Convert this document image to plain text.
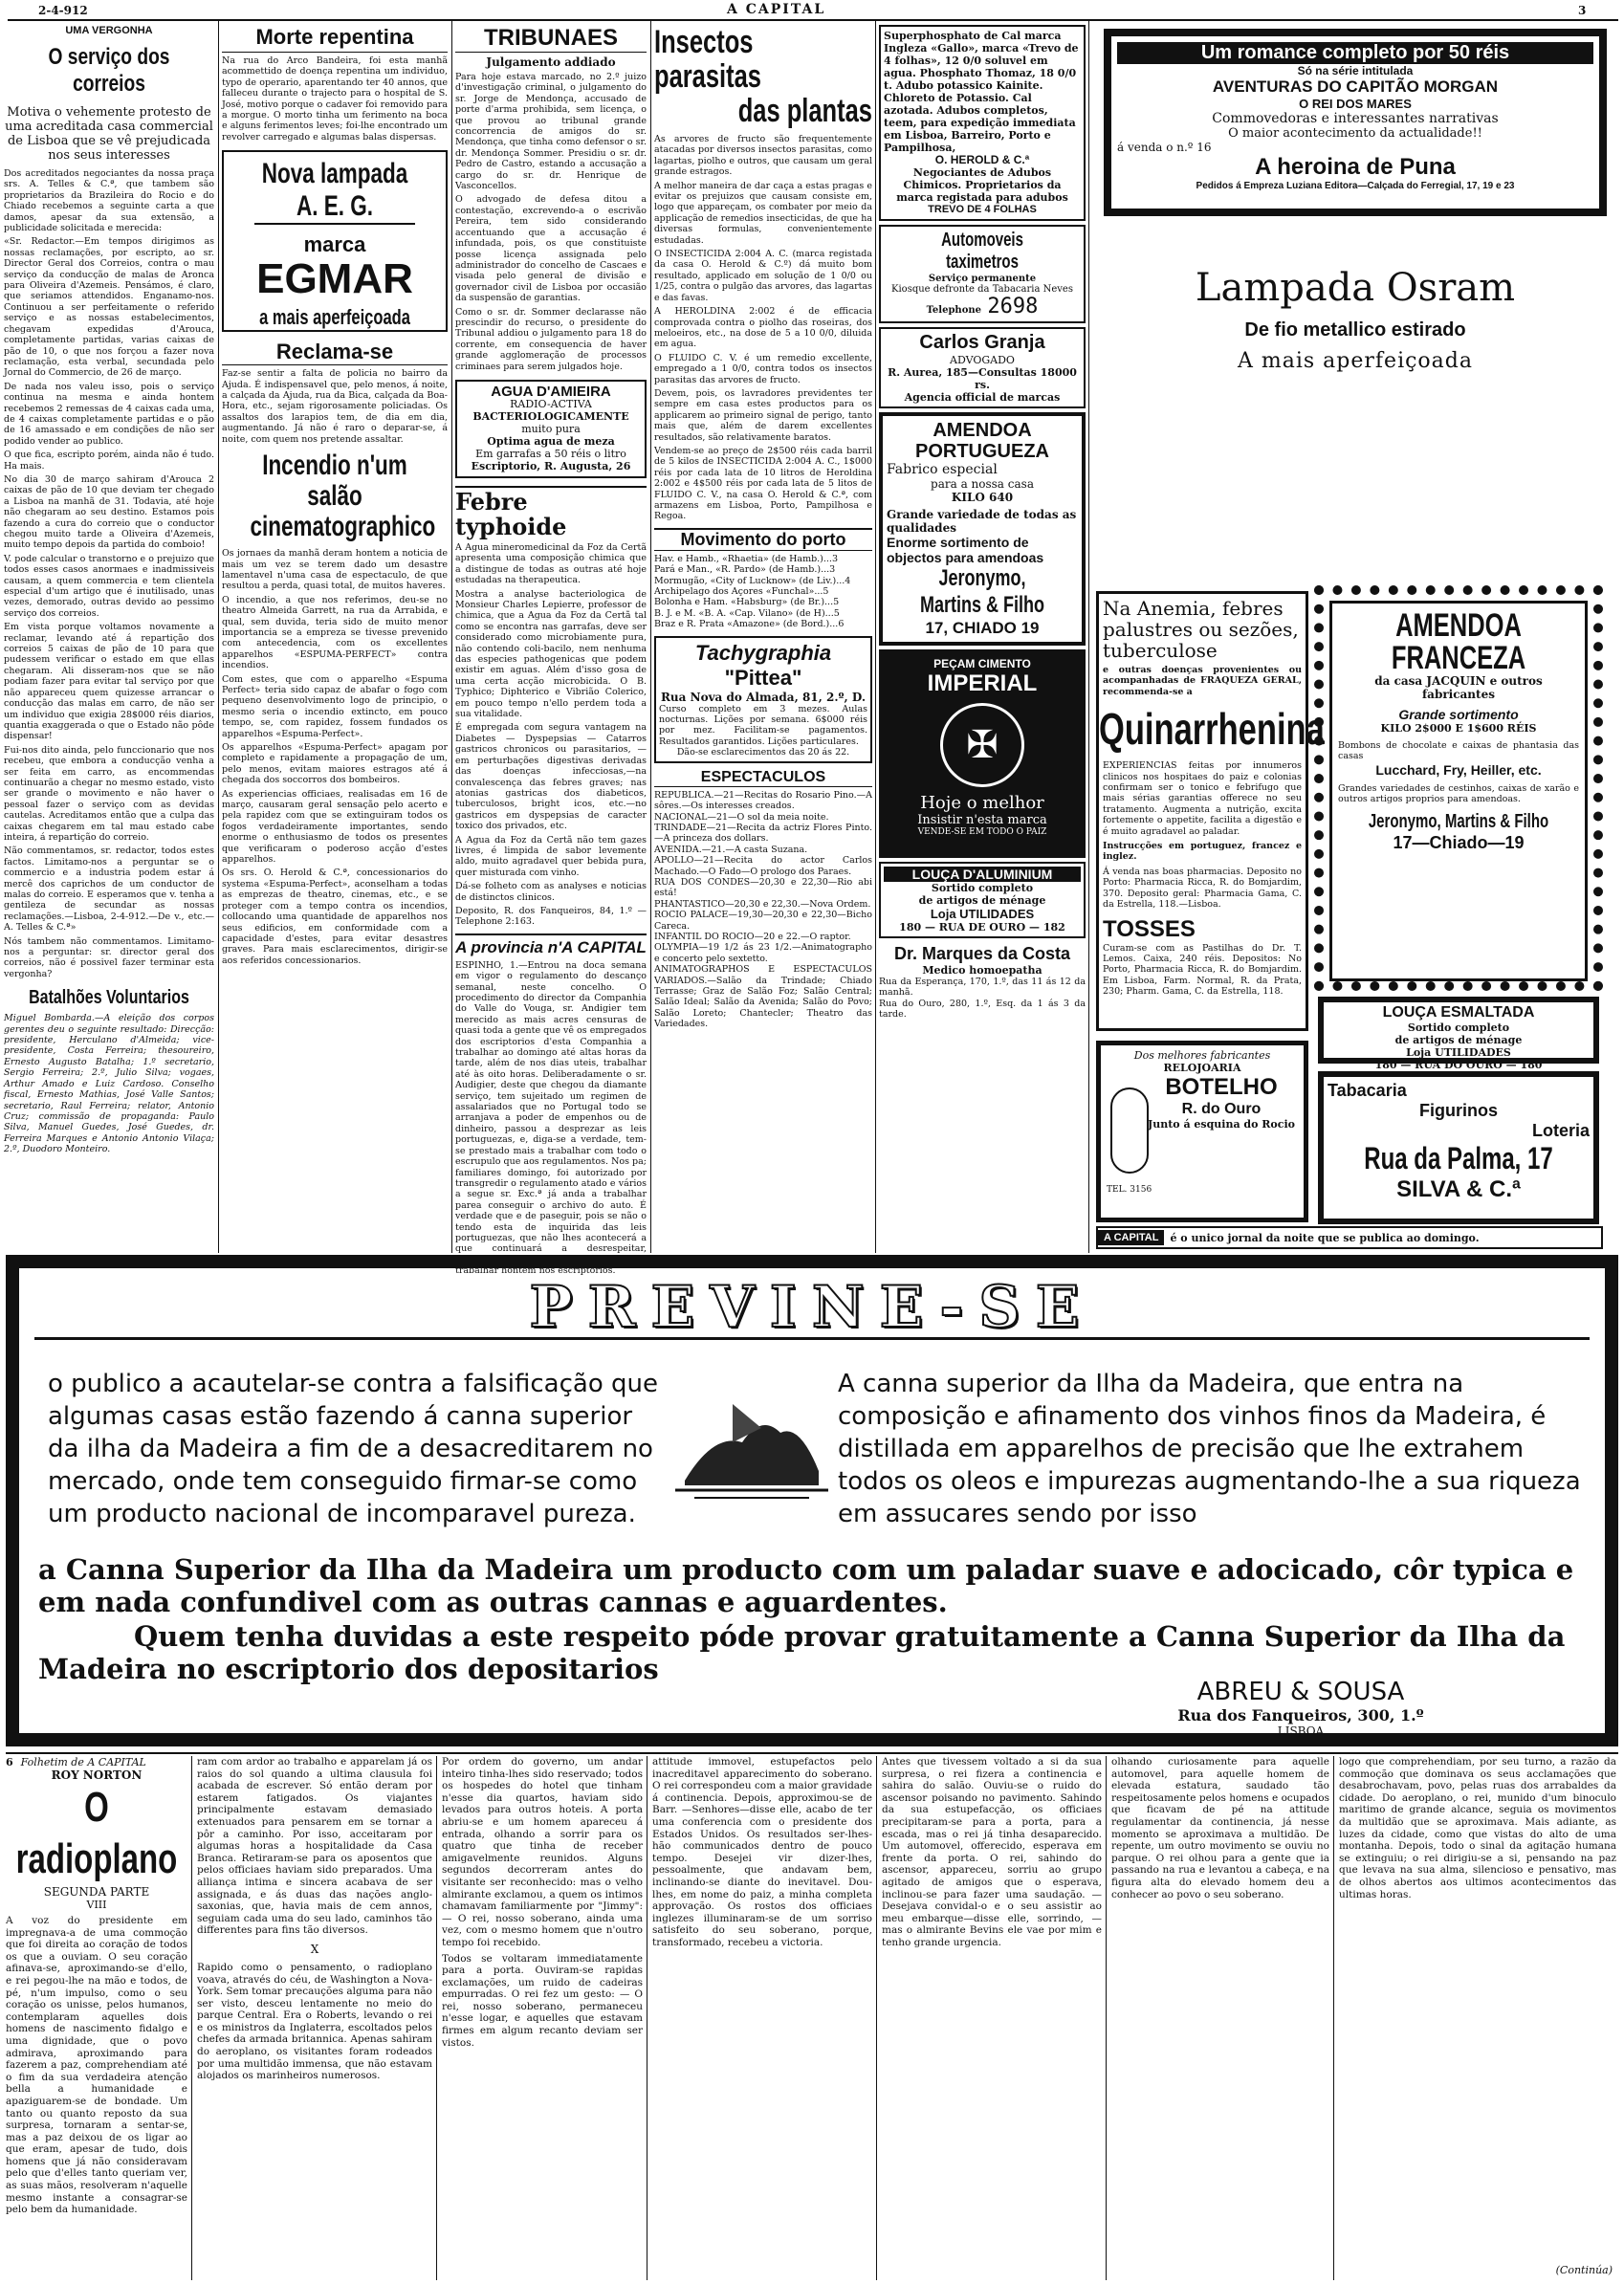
2-4-912	A CAPITAL	3
UMA VERGONHA
O serviço dos correios
Motiva o vehemente protesto de uma acreditada casa commercial de Lisboa que se vê prejudicada nos seus interesses
Dos acreditados negociantes da nossa praça srs. A. Telles & C.ª, que tambem são proprietarios da Brazileira do Rocio e do Chiado recebemos a seguinte carta a que damos, apesar da sua extensão, a publicidade solicitada e merecida:
«Sr. Redactor.—Em tempos dirigimos as nossas reclamações, por escripto, ao sr. Director Geral dos Correios, contra o mau serviço da conducção de malas de Aronca para Oliveira d'Azemeis. Pensámos, é claro, que seriamos attendidos. Enganamo-nos. Continuou a ser perfeitamente o referido serviço e as nossas estabelecimentos, chegavam expedidas d'Arouca, completamente partidas, varias caixas de pão de 10, o que nos forçou a fazer nova reclamação, esta verbal, secundada pelo Jornal do Commercio, de 26 de março.
De nada nos valeu isso, pois o serviço continua na mesma e ainda hontem recebemos 2 remessas de 4 caixas cada uma, de 4 caixas completamente partidas e o pão de 16 amassado e em condições de não ser podido vender ao publico.
O que fica, escripto porém, ainda não é tudo. Ha mais.
No dia 30 de março sahiram d'Arouca 2 caixas de pão de 10 que deviam ter chegado a Lisboa na manhã de 31. Todavia, até hoje não chegaram ao seu destino. Estamos pois fazendo a cura do correio que o conductor chegou muito tarde a Oliveira d'Azemeis, muito tempo depois da partida do comboio!
V. pode calcular o transtorno e o prejuizo que todos esses casos anormaes e inadmissiveis causam, a quem commercia e tem clientela especial d'um artigo que é inutilisado, unas vezes, demorado, outras devido ao pessimo serviço dos correios.
Em vista porque voltamos novamente a reclamar, levando até á repartição dos correios 5 caixas de pão de 10 para que pudessem verificar o estado em que ellas chegaram. Ali disseram-nos que se não podiam fazer para evitar tal serviço por que não appareceu quem quizesse arrancar o conducção das malas em carro, de não ser um individuo que exigia 28$000 réis diarios, quantia exaggerada o que o Estado não pôde dispensar!
Fui-nos dito ainda, pelo funccionario que nos recebeu, que embora a conducção venha a ser feita em carro, as encommendas continuarão a chegar no mesmo estado, visto ser grande o movimento e não haver o pessoal fazer o serviço com as devidas cautelas. Acreditamos então que a culpa das caixas chegarem em tal mau estado cabe inteira, á repartição do correio.
Não commentamos, sr. redactor, todos estes factos. Limitamo-nos a perguntar se o commercio e a industria podem estar á mercê dos caprichos de um conductor de malas do correio. E esperamos que v. tenha a gentileza de secundar as nossas reclamações.—Lisboa, 2-4-912.—De v., etc.—A. Telles & C.ª»
Nós tambem não commentamos. Limitamo-nos a perguntar: sr. director geral dos correios, não é possivel fazer terminar esta vergonha?
Batalhões Voluntarios
Miguel Bombarda.—A eleição dos corpos gerentes deu o seguinte resultado: Direcção: presidente, Herculano d'Almeida; vice-presidente, Costa Ferreira; thesoureiro, Ernesto Augusto Batalha; 1.º secretario, Sergio Ferreira; 2.º, Julio Silva; vogaes, Arthur Amado e Luiz Cardoso. Conselho fiscal, Ernesto Mathias, José Valle Santos; secretario, Raul Ferreira; relator, Antonio Cruz; commissão de propaganda: Paulo Silva, Manuel Guedes, José Guedes, dr. Ferreira Marques e Antonio Antonio Vilaça; 2.º, Duodoro Monteiro.
Morte repentina
Na rua do Arco Bandeira, foi esta manhã acommettido de doença repentina um individuo, typo de operario, aparentando ter 40 annos, que falleceu durante o trajecto para o hospital de S. José, motivo porque o cadaver foi removido para a morgue. O morto tinha um ferimento na boca e alguns ferimentos leves; foi-lhe encontrado um revolver carregado e algumas balas dispersas.
Nova lampada A. E. G.
marca
EGMAR
a mais aperfeiçoada
Reclama-se
Faz-se sentir a falta de policia no bairro da Ajuda. É indispensavel que, pelo menos, á noite, a calçada da Ajuda, rua da Bica, calçada da Boa-Hora, etc., sejam rigorosamente policiadas. Os assaltos dos larapios tem, de dia em dia, augmentando. Já não é raro o deparar-se, á noite, com quem nos pretende assaltar.
Incendio n'um salão cinematographico
Os jornaes da manhã deram hontem a noticia de mais um vez se terem dado um desastre lamentavel n'uma casa de espectaculo, de que resultou a perda, quasi total, de muitos haveres.
O incendio, a que nos referimos, deu-se no theatro Almeida Garrett, na rua da Arrabida, e qual, sem duvida, teria sido de muito menor importancia se a empreza se tivesse prevenido com antecedencia, com os excellentes apparelhos «ESPUMA-PERFECT» contra incendios.
Com estes, que com o apparelho «Espuma Perfect» teria sido capaz de abafar o fogo com pequeno desenvolvimento logo de principio, o mesmo seria o incendio extincto, em pouco tempo, se, com rapidez, fossem fundados os apparelhos «Espuma-Perfect».
Os apparelhos «Espuma-Perfect» apagam por completo e rapidamente a propagação de um, pelo menos, evitam maiores estragos até á chegada dos soccorros dos bombeiros.
As experiencias officiaes, realisadas em 16 de março, causaram geral sensação pelo acerto e pela rapidez com que se extinguiram todos os fogos verdadeiramente importantes, sendo enorme o enthusiasmo de todos os presentes que verificaram o poderoso acção d'estes apparelhos.
Os srs. O. Herold & C.ª, concessionarios do systema «Espuma-Perfect», aconselham a todas as emprezas de theatro, cinemas, etc., e se proteger com a tempo contra os incendios, collocando uma quantidade de apparelhos nos seus edificios, em conformidade com a capacidade d'estes, para evitar desastres graves. Para mais esclarecimentos, dirigir-se aos referidos concessionarios.
TRIBUNAES
Julgamento addiado
Para hoje estava marcado, no 2.º juizo d'investigação criminal, o julgamento do sr. Jorge de Mendonça, accusado de porte d'arma prohibida, sem licença, o que provou ao tribunal grande concorrencia de amigos do sr. Mendonça, que tinha como defensor o sr. dr. Mendonça Sommer. Presidiu o sr. dr. Pedro de Castro, estando a accusação a cargo do sr. dr. Henrique de Vasconcellos.
O advogado de defesa ditou a contestação, excrevendo-a o escrivão Pereira, tem sido considerando accentuando que a accusação é infundada, pois, os que constituiste posse licença assignada pelo administrador do concelho de Cascaes e visada pelo general de divisão e governador civil de Lisboa por occasião da suspensão de garantias.
Como o sr. dr. Sommer declarasse não prescindir do recurso, o presidente do Tribunal addiou o julgamento para 18 do corrente, em consequencia de haver grande agglomeração de processos criminaes para serem julgados hoje.
AGUA D'AMIEIRA
RADIO-ACTIVA
BACTERIOLOGICAMENTE
muito pura
Optima agua de meza
Em garrafas a 50 réis o litro
Escriptorio, R. Augusta, 26
Febre typhoide
A Agua mineromedicinal da Foz da Certã apresenta uma composição chimica que a distingue de todas as outras até hoje estudadas na therapeutica.
Mostra a analyse bacteriologica de Monsieur Charles Lepierre, professor de chimica, que a Agua da Foz da Certã tal como se encontra nas garrafas, deve ser considerado como microbiamente pura, não contendo coli-bacilo, nem nenhuma das especies pathogenicas que podem existir em aguas. Além d'isso gosa de uma certa acção microbicida. O B. Typhico; Diphterico e Vibrião Colerico, em pouco tempo n'ello perdem toda a sua vitalidade.
É empregada com segura vantagem na Diabetes — Dyspepsias — Catarros gastricos chronicos ou parasitarios, — em perturbações digestivas derivadas das doenças infecciosas,—na convalescença das febres graves; nas atonias gastricas dos diabeticos, tuberculosos, bright icos, etc.—no gastricos em dyspepsias de caracter toxico dos privados, etc.
A Agua da Foz da Certã não tem gazes livres, é limpida de sabor levemente aldo, muito agradavel quer bebida pura, quer misturada com vinho.
Dá-se folheto com as analyses e noticias de distinctos clinicos.
Deposito, R. dos Fanqueiros, 84, 1.º — Telephone 2:163.
A provincia n'A CAPITAL
ESPINHO, 1.—Entrou na doca semana em vigor o regulamento do descanço semanal, neste concelho. O procedimento do director da Companhia do Valle do Vouga, sr. Andigier tem merecido as mais acres censuras de quasi toda a gente que vê os empregados dos escriptorios d'esta Companhia a trabalhar ao domingo até altas horas da tarde, além de nos dias uteis, trabalhar até às oito horas. Deliberadamente o sr. Audigier, deste que chegou da diamante serviço, tem sujeitado um regimen de assalariados que no Portugal todo se arranjava a poder de empenhos ou de dinheiro, passou a desprezar as leis portuguezas, e, diga-se a verdade, tem-se prestado mais a trabalhar com todo o escrupulo que aos regulamentos. Nos pa; familiares domingo, foi autorizado por transgredir o regulamento atado e vários a segue sr. Exc.ª já anda a trabalhar parea conseguir o archivo do auto. É verdade que e de paseguir, pois se não o tendo esta de inquirida das leis portuguezas, que não lhes acontecerá a que continuará a desrespeitar, n'ovamente obrigando os empregados a trabalhar hontem nos escriptorios.
Insectos parasitas
das plantas
As arvores de fructo são frequentemente atacadas por diversos insectos parasitas, como lagartas, piolho e outros, que causam um geral grande estragos.
A melhor maneira de dar caça a estas pragas e evitar os prejuizos que causam consiste em, logo que appareçam, os combater por meio da applicação de remedios insecticidas, de que ha diversas formulas, convenientemente estudadas.
O INSECTICIDA 2:004 A. C. (marca registada da casa O. Herold & C.º) dá muito bom resultado, applicado em solução de 1 0/0 ou 1/25, contra o pulgão das arvores, das lagartas e das favas.
A HEROLDINA 2:002 é de efficacia comprovada contra o piolho das roseiras, dos meloeiros, etc., na dose de 5 a 10 0/0, diluida em agua.
O FLUIDO C. V. é um remedio excellente, empregado a 1 0/0, contra todos os insectos parasitas das arvores de fructo.
Devem, pois, os lavradores previdentes ter sempre em casa estes productos para os applicarem ao primeiro signal de perigo, tanto mais que, além de darem excellentes resultados, são relativamente baratos.
Vendem-se ao preço de 2$500 réis cada barril de 5 kilos de INSECTICIDA 2:004 A. C., 1$000 réis por cada lata de 10 litros de Heroldina 2:002 e 4$500 réis por cada lata de 5 litos de FLUIDO C. V., na casa O. Herold & C.ª, com armazens em Lisboa, Porto, Pampilhosa e Regoa.
Movimento do porto
Hav. e Hamb., «Rhaetia» (de Hamb.)...3
Pará e Man., «R. Pardo» (de Hamb.)...3
Mormugão, «City of Lucknow» (de Liv.)...4
Archipelago dos Açores «Funchal»...5
Bolonha e Ham. «Habsburg» (de Br.)...5
B. J. e M. «B. A. «Cap. Vilano» (de H)...5
Braz e R. Prata «Amazone» (de Bord.)...6
Tachygraphia
"Pittea"
Rua Nova do Almada, 81, 2.º, D.
Curso completo em 3 mezes. Aulas nocturnas. Lições por semana. 6$000 réis por mez. Facilitam-se pagamentos. Resultados garantidos. Lições particulares.
Dão-se esclarecimentos das 20 ás 22.
ESPECTACULOS
REPUBLICA.—21—Recitas do Rosario Pino.—A sôres.—Os interesses creados.
NACIONAL—21—O sol da meia noite.
TRINDADE—21—Recita da actriz Flores Pinto.—A princeza dos dollars.
AVENIDA.—21.—A casta Suzana.
APOLLO—21—Recita do actor Carlos Machado.—O Fado—O prologo dos Paraes.
RUA DOS CONDES—20,30 e 22,30—Rio abi está!
PHANTASTICO—20,30 e 22,30.—Nova Ordem.
ROCIO PALACE—19,30—20,30 e 22,30—Bicho Careca.
INFANTIL DO ROCIO—20 e 22.—O raptor.
OLYMPIA—19 1/2 ás 23 1/2.—Animatographo e concerto pelo sextetto.
ANIMATOGRAPHOS E ESPECTACULOS VARIADOS.—Salão da Trindade; Chiado Terrasse; Graz de Salão Foz; Salão Central; Salão Ideal; Salão da Avenida; Salão do Povo; Salão Loreto; Chantecler; Theatro das Variedades.
Superphosphato de Cal marca Ingleza «Gallo», marca «Trevo de 4 folhas», 12 0/0 soluvel em agua. Phosphato Thomaz, 18 0/0 t. Adubo potassico Kainite. Chloreto de Potassio. Cal azotada. Adubos completos, teem, para expedição immediata em Lisboa, Barreiro, Porto e Pampilhosa,
O. HEROLD & C.ª
Negociantes de Adubos Chimicos. Proprietarios da marca registada para adubos
TREVO DE 4 FOLHAS
Automoveis taximetros
Serviço permanente
Kiosque defronte da Tabacaria Neves
Telephone 2698
Carlos Granja
ADVOGADO
R. Aurea, 185—Consultas 18000 rs.
Agencia official de marcas
AMENDOA
PORTUGUEZA
Fabrico especial
para a nossa casa
KILO 640
Grande variedade de todas as qualidades
Enorme sortimento de objectos para amendoas
Jeronymo, Martins & Filho
17, CHIADO 19
PEÇAM CIMENTO
IMPERIAL
✠
Hoje o melhor
Insistir n'esta marca
VENDE-SE EM TODO O PAIZ
LOUÇA D'ALUMINIUM
Sortido completo
de artigos de ménage
Loja UTILIDADES
180 — RUA DE OURO — 182
Dr. Marques da Costa
Medico homoepatha
Rua da Esperança, 170, 1.º, das 11 ás 12 da manhã.
Rua do Ouro, 280, 1.º, Esq. da 1 ás 3 da tarde.
Um romance completo por 50 réis
Só na série intitulada
AVENTURAS DO CAPITÃO MORGAN
O REI DOS MARES
Commovedoras e interessantes narrativas
O maior acontecimento da actualidade!!
á venda o n.º 16
A heroina de Puna
Pedidos á Empreza Luziana Editora—Calçada do Ferregial, 17, 19 e 23
Lampada Osram
De fio metallico estirado
A mais aperfeiçoada
Na Anemia, febres palustres ou sezões, tuberculose
e outras doenças provenientes ou acompanhadas de FRAQUEZA GERAL, recommenda-se a
Quinarrhenina
EXPERIENCIAS feitas por innumeros clinicos nos hospitaes do paiz e colonias confirmam ser o tonico e febrifugo que mais sérias garantias offerece no seu tratamento. Augmenta a nutrição, excita fortemente o appetite, facilita a digestão e é muito agradavel ao paladar.
Instrucções em portuguez, francez e inglez.
Á venda nas boas pharmacias. Deposito no Porto: Pharmacia Ricca, R. do Bomjardim, 370. Deposito geral: Pharmacia Gama, C. da Estrella, 118.—Lisboa.
TOSSES
Curam-se com as Pastilhas do Dr. T. Lemos. Caixa, 240 réis. Depositos: No Porto, Pharmacia Ricca, R. do Bomjardim. Em Lisboa, Farm. Normal, R. da Prata, 230; Pharm. Gama, C. da Estrella, 118.
AMENDOA
FRANCEZA
da casa JACQUIN e outros fabricantes
Grande sortimento
KILO 2$000 E 1$600 RÉIS
Bombons de chocolate e caixas de phantasia das casas
Lucchard, Fry, Heiller, etc.
Grandes variedades de cestinhos, caixas de xarão e outros artigos proprios para amendoas.
Jeronymo, Martins & Filho
17—Chiado—19
LOUÇA ESMALTADA
Sortido completo
de artigos de ménage
Loja UTILIDADES
180 — RUA DO OURO — 180
Dos melhores fabricantes
RELOJOARIA
BOTELHO
R. do Ouro
Junto á esquina do Rocio
TEL. 3156
Tabacaria
Figurinos
Loteria
Rua da Palma, 17
SILVA & C.ª
A CAPITAL	é o unico jornal da noite que se publica ao domingo.
PREVINE-SE
o publico a acautelar-se contra a falsificação que algumas casas estão fazendo á canna superior da ilha da Madeira a fim de a desacreditarem no mercado, onde tem conseguido firmar-se como um producto nacional de incomparavel pureza.
A canna superior da Ilha da Madeira, que entra na composição e afinamento dos vinhos finos da Madeira, é distillada em apparelhos de precisão que lhe extrahem todos os oleos e impurezas augmentando-lhe a sua riqueza em assucares sendo por isso
a Canna Superior da Ilha da Madeira um producto com um paladar suave e adocicado, côr typica e em nada confundivel com as outras cannas e aguardentes.
Quem tenha duvidas a este respeito póde provar gratuitamente a Canna Superior da Ilha da Madeira no escriptorio dos depositarios
ABREU & SOUSA
Rua dos Fanqueiros, 300, 1.º
LISBOA
6 Folhetim de A CAPITAL
ROY NORTON
O radioplano
SEGUNDA PARTE
VIII
A voz do presidente em impregnava-a de uma commoção que foi direita ao coração de todos os que a ouviam. O seu coração afinava-se, aproximando-se d'ello, e rei pegou-lhe na mão e todos, de pé, n'um impulso, como o seu coração os unisse, pelos humanos, contemplaram aquelles dois homens de nascimento fidalgo e uma dignidade, que o povo admirava, aproximando para fazerem a paz, comprehendiam até o fim da sua verdadeira atenção bella a humanidade e apaziguarem-se de bondade. Um tanto ou quanto reposto da sua surpresa, tornaram a sentar-se, mas a paz deixou de os ligar ao que eram, apesar de tudo, dois homens que já não consideravam pelo que d'elles tanto queriam ver, as suas mãos, resolveram n'aquelle mesmo instante a consagrar-se pelo bem da humanidade.
ram com ardor ao trabalho e apparelam já os raios do sol quando a ultima clausula foi acabada de escrever. Só então deram por estarem fatigados. Os viajantes principalmente estavam demasiado extenuados para pensarem em se tornar a pôr a caminho. Por isso, acceitaram por algumas horas a hospitalidade da Casa Branca. Retiraram-se para os aposentos que pelos officiaes haviam sido preparados. Uma alliança intima e sincera acabava de ser assignada, e ás duas das nações anglo-saxonias, que, havia mais de cem annos, seguiam cada uma do seu lado, caminhos tão differentes para fins tão diversos.
X
Rapido como o pensamento, o radioplano voava, através do céu, de Washington a Nova-York. Sem tomar precauções alguma para não ser visto, desceu lentamente no meio do parque Central. Era o Roberts, levando o rei e os ministros da Inglaterra, escoltados pelos chefes da armada britannica. Apenas sahiram do aeroplano, os visitantes foram rodeados por uma multidão immensa, que não estavam alojados os marinheiros numerosos.
Por ordem do governo, um andar inteiro tinha-lhes sido reservado; todos os hospedes do hotel que tinham n'esse dia quartos, haviam sido levados para outros hoteis. A porta abriu-se e um homem apareceu á entrada, olhando a sorrir para os quatro que tinha de receber amigavelmente reunidos. Alguns segundos decorreram antes do visitante ser reconhecido: mas o velho almirante exclamou, a quem os intimos chamavam familiarmente por "Jimmy": — O rei, nosso soberano, ainda uma vez, com o mesmo homem que n'outro tempo foi recebido.
Todos se voltaram immediatamente para a porta. Ouviram-se rapidas exclamações, um ruido de cadeiras empurradas. O rei fez um gesto: — O rei, nosso soberano, permaneceu n'esse logar, e aquelles que estavam firmes em algum recanto deviam ser vistos.
attitude immovel, estupefactos pelo inacreditavel apparecimento do soberano. O rei correspondeu com a maior gravidade á continencia. Depois, approximou-se de Barr. —Senhores—disse elle, acabo de ter uma conferencia com o presidente dos Estados Unidos. Os resultados ser-lhes-hão communicados dentro de pouco tempo. Desejei vir dizer-lhes, pessoalmente, que andavam bem, inclinando-se diante do inevitavel. Dou-lhes, em nome do paiz, a minha completa approvação. Os rostos dos officiaes inglezes illuminaram-se de um sorriso satisfeito do seu soberano, porque, transformado, recebeu a victoria.
Antes que tivessem voltado a si da sua surpresa, o rei fizera a continencia e sahira do salão. Ouviu-se o ruido do ascensor poisando no pavimento. Sahindo da sua estupefacção, os officiaes precipitaram-se para a porta, para a escada, mas o rei já tinha desaparecido. Um automovel, offerecido, esperava em frente da porta. O rei, sahindo do ascensor, appareceu, sorriu ao grupo agitado de amigos que o esperava, inclinou-se para fazer uma saudação. —Desejava convidal-o e o seu assistir ao meu embarque—disse elle, sorrindo, —mas o almirante Bevins ele vae por mim e tenho grande urgencia.
olhando curiosamente para aquelle automovel, para aquelle homem de elevada estatura, saudado tão respeitosamente pelos homens e ocupados que ficavam de pé na attitude regulamentar da continencia, já nesse momento se aproximava a multidão. De repente, um outro movimento se ouviu no parque. O rei olhou para a gente que ia passando na rua e levantou a cabeça, e na figura alta do elevado homem deu a conhecer ao povo o seu soberano.
logo que comprehendiam, por seu turno, a razão da commoção que dominava os seus acclamações que desabrochavam, povo, pelas ruas dos arrabaldes da cidade. Do aeroplano, o rei, munido d'um binoculo maritimo de grande alcance, seguia os movimentos da multidão que se aproximava. Mais adiante, as luzes da cidade, como que vistas do alto de uma montanha. Depois, todo o sinal da agitação humana se extinguiu; o rei dirigiu-se a si, pensando na paz que levava na sua alma, silencioso e pensativo, mas de olhos abertos aos ultimos acontecimentos das ultimas horas.
(Continúa)
